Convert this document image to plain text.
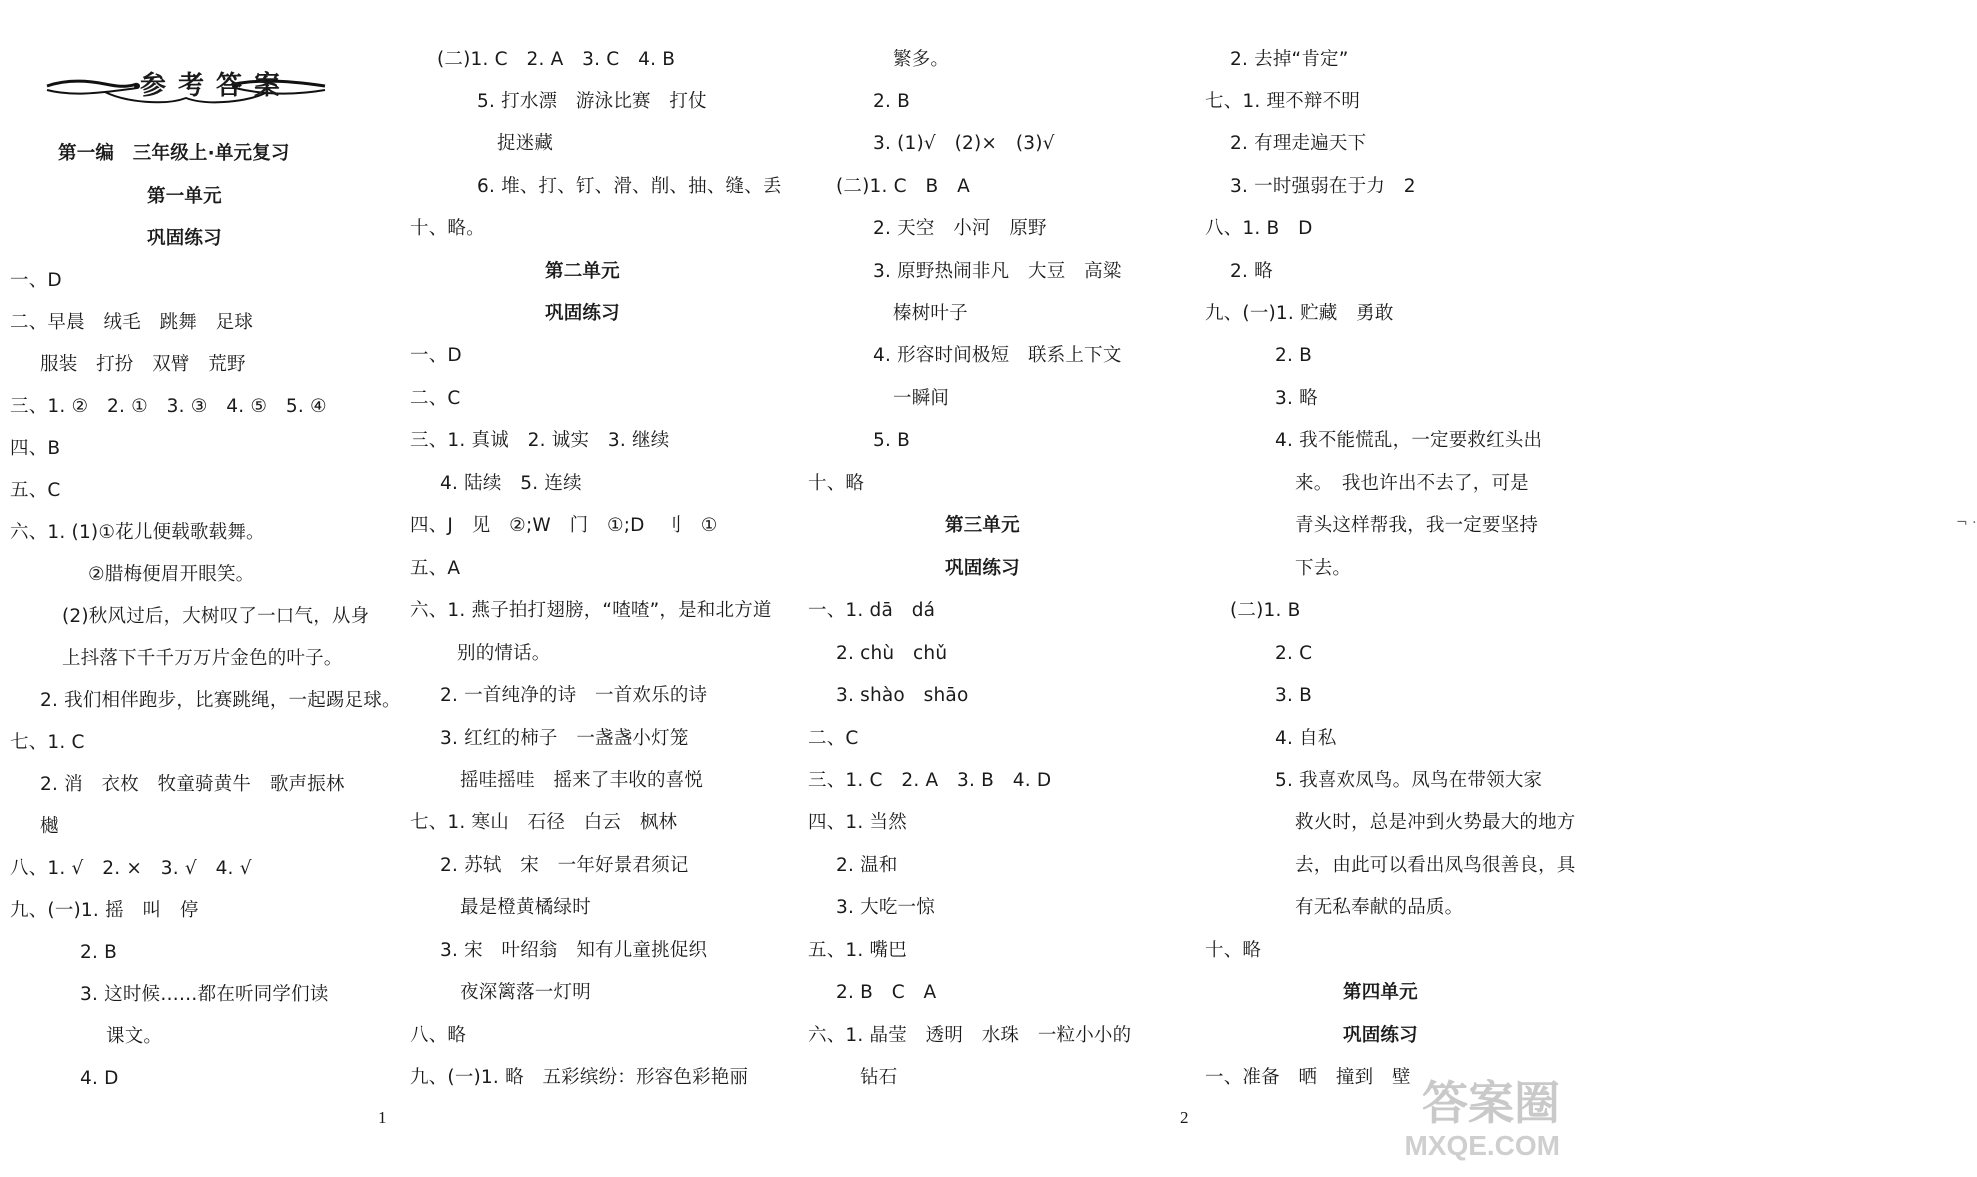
参考答案
第一编　三年级上·单元复习
第一单元
巩固练习
一、D
二、早晨　绒毛　跳舞　足球
服装　打扮　双臂　荒野
三、1. ②　2. ①　3. ③　4. ⑤　5. ④
四、B
五、C
六、1. (1)①花儿便载歌载舞。
②腊梅便眉开眼笑。
(2)秋风过后，大树叹了一口气，从身
上抖落下千千万万片金色的叶子。
2. 我们相伴跑步，比赛跳绳，一起踢足球。
七、1. C
2. 消　衣枚　牧童骑黄牛　歌声振林
樾
八、1. √　2. ×　3. √　4. √
九、(一)1. 摇　叫　停
2. B
3. 这时候……都在听同学们读
课文。
4. D
(二)1. C　2. A　3. C　4. B
5. 打水漂　游泳比赛　打仗
捉迷藏
6. 堆、打、钉、滑、削、抽、缝、丢
十、略。
第二单元
巩固练习
一、D
二、C
三、1. 真诚　2. 诚实　3. 继续
4. 陆续　5. 连续
四、J　见　②;W　门　①;D　刂　①
五、A
六、1. 燕子拍打翅膀，“喳喳”，是和北方道
别的情话。
2. 一首纯净的诗　一首欢乐的诗
3. 红红的柿子　一盏盏小灯笼
摇哇摇哇　摇来了丰收的喜悦
七、1. 寒山　石径　白云　枫林
2. 苏轼　宋　一年好景君须记
最是橙黄橘绿时
3. 宋　叶绍翁　知有儿童挑促织
夜深篱落一灯明
八、略
九、(一)1. 略　五彩缤纷：形容色彩艳丽
1
繁多。
2. B
3. (1)√　(2)×　(3)√
(二)1. C　B　A
2. 天空　小河　原野
3. 原野热闹非凡　大豆　高粱
榛树叶子
4. 形容时间极短　联系上下文
一瞬间
5. B
十、略
第三单元
巩固练习
一、1. dā　dá
2. chù　chǔ
3. shào　shāo
二、C
三、1. C　2. A　3. B　4. D
四、1. 当然
2. 温和
3. 大吃一惊
五、1. 嘴巴
2. B　C　A
六、1. 晶莹　透明　水珠　一粒小小的
钻石
¬ ·
2. 去掉“肯定”
七、1. 理不辩不明
2. 有理走遍天下
3. 一时强弱在于力　2
八、1. B　D
2. 略
九、(一)1. 贮藏　勇敢
2. B
3. 略
4. 我不能慌乱，一定要救红头出
来。　我也许出不去了，可是
青头这样帮我，我一定要坚持
下去。
(二)1. B
2. C
3. B
4. 自私
5. 我喜欢凤鸟。凤鸟在带领大家
救火时，总是冲到火势最大的地方
去，由此可以看出凤鸟很善良，具
有无私奉献的品质。
十、略
第四单元
巩固练习
一、准备　晒　撞到　壁
2	答案圈
MXQE.COM
